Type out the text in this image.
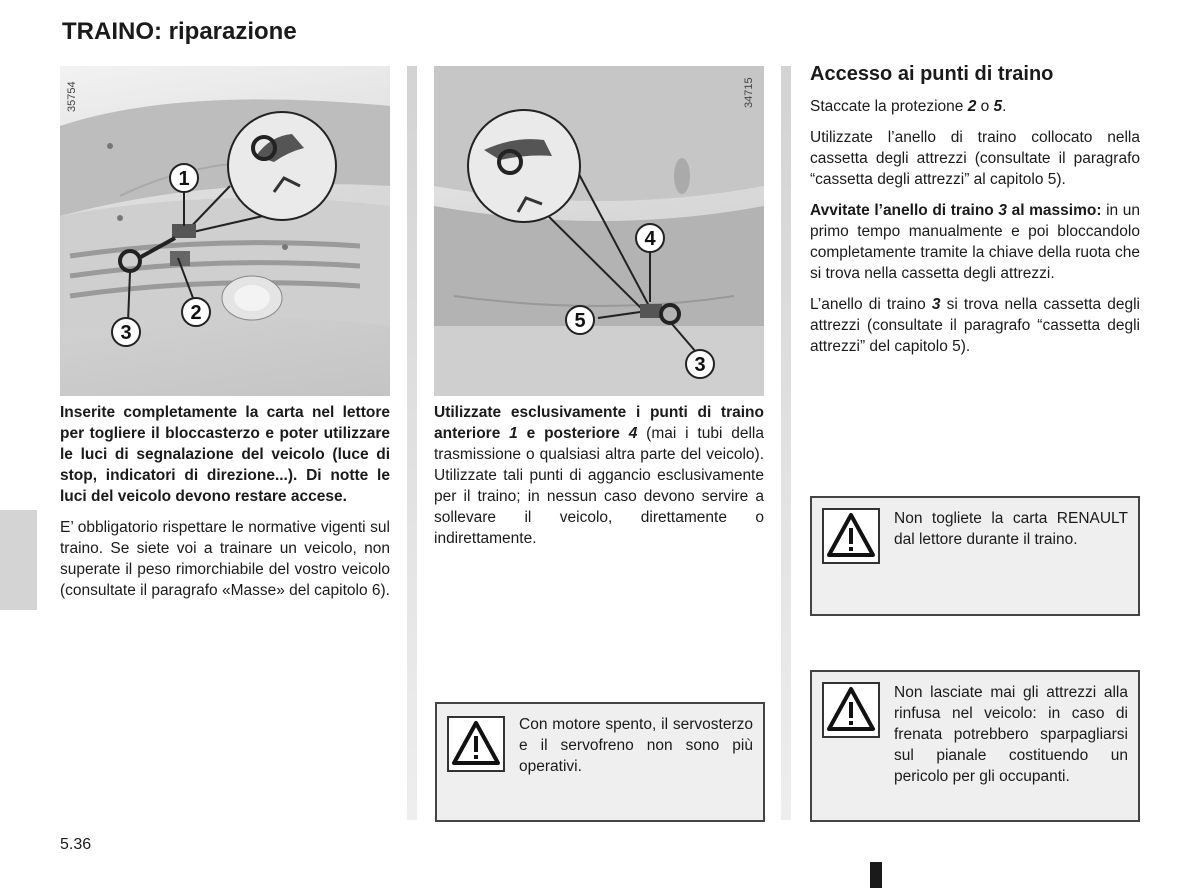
TRAINO: riparazione
1
2
3
35754
4
5
3
34715

Inserite completamente la carta nel lettore per togliere il bloccasterzo e poter utilizzare le luci di segnalazione del veicolo (luce di stop, indicatori di direzione...). Di notte le luci del veicolo devono restare accese.

E’ obbligatorio rispettare le normative vigenti sul traino. Se siete voi a trainare un veicolo, non superate il peso rimorchiabile del vostro veicolo (consultate il paragrafo «Masse» del capitolo 6).

Utilizzate esclusivamente i punti di traino anteriore 1 e posteriore 4 (mai i tubi della trasmissione o qualsiasi altra parte del veicolo). Utilizzate tali punti di aggancio esclusivamente per il traino; in nessun caso devono servire a sollevare il veicolo, direttamente o indirettamente.

Con motore spento, il servosterzo e il servofreno non sono più operativi.
Accesso ai punti di traino

Staccate la protezione 2 o 5.

Utilizzate l’anello di traino collocato nella cassetta degli attrezzi (consultate il paragrafo “cassetta degli attrezzi” al capitolo 5).

Avvitate l’anello di traino 3 al massimo: in un primo tempo manualmente e poi bloccandolo completamente tramite la chiave della ruota che si trova nella cassetta degli attrezzi.

L’anello di traino 3 si trova nella cassetta degli attrezzi (consultate il paragrafo “cassetta degli attrezzi” del capitolo 5).

Non togliete la carta RENAULT dal lettore durante il traino.
Non lasciate mai gli attrezzi alla rinfusa nel veicolo: in caso di frenata potrebbero sparpagliarsi sul pianale costituendo un pericolo per gli occupanti.
5.36
